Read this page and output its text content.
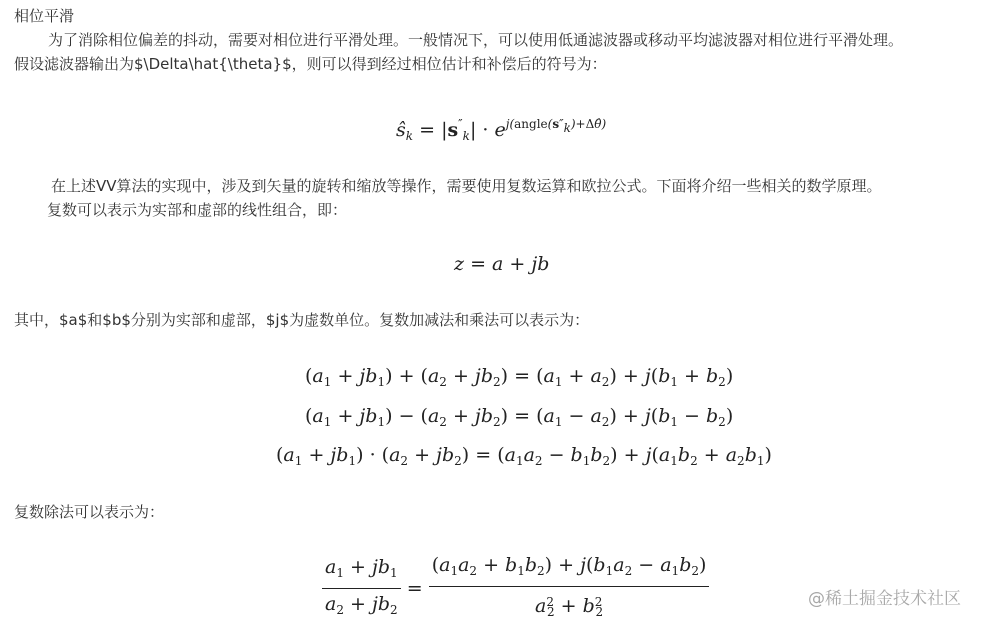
相位平滑
为了消除相位偏差的抖动，需要对相位进行平滑处理。一般情况下，可以使用低通滤波器或移动平均滤波器对相位进行平滑处理。
假设滤波器输出为$\Delta\hat{\theta}$，则可以得到经过相位估计和补偿后的符号为：
$ŝ_k = |s''_k| \cdot e^{j(angle(s''_k)+\Delta\thetâ)}$
在上述VV算法的实现中，涉及到矢量的旋转和缩放等操作，需要使用复数运算和欧拉公式。下面将介绍一些相关的数学原理。
复数可以表示为实部和虚部的线性组合，即：
z = a + jb
其中，$a$和$b$分别为实部和虚部，$j$为虚数单位。复数加减法和乘法可以表示为：
$(a_1 + jb_1) + (a_2 + jb_2) = (a_1 + a_2) + j(b_1 + b_2)$
$(a_1 + jb_1) - (a_2 + jb_2) = (a_1 - a_2) + j(b_1 - b_2)$
$(a_1 + jb_1) \cdot (a_2 + jb_2) = (a_1a_2 - b_1b_2) + j(a_1b_2 + a_2b_1)$
复数除法可以表示为：
$\frac{a_1 + jb_1}{a_2 + jb_2} = \frac{(a_1a_2 + b_1b_2) + j(b_1a_2 - a_1b_2)}{a^2_2 + b^2_2}$	@稀土掘金技术社区
